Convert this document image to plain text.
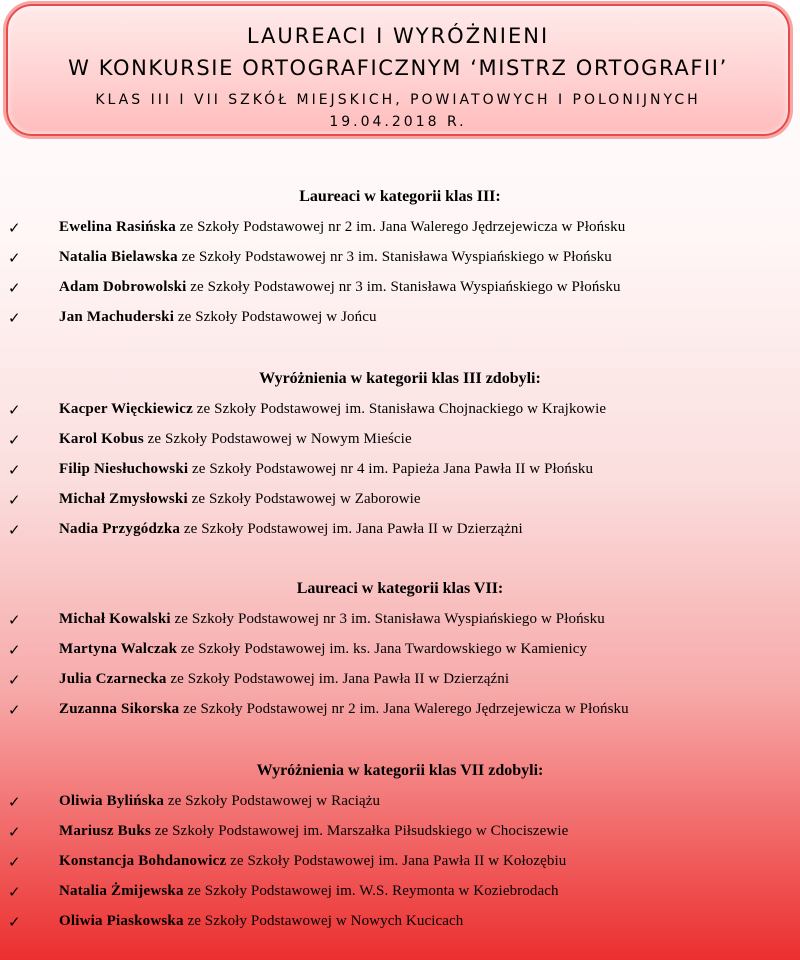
LAUREACI I WYRÓŻNIENI
W KONKURSIE ORTOGRAFICZNYM ‘MISTRZ ORTOGRAFII’
KLAS III I VII SZKÓŁ MIEJSKICH, POWIATOWYCH I POLONIJNYCH
19.04.2018 R.
Laureaci w kategorii klas III:
✓	Ewelina Rasińska ze Szkoły Podstawowej nr 2 im. Jana Walerego Jędrzejewicza w Płońsku
✓	Natalia Bielawska ze Szkoły Podstawowej nr 3 im. Stanisława Wyspiańskiego w Płońsku
✓	Adam Dobrowolski ze Szkoły Podstawowej nr 3 im. Stanisława Wyspiańskiego w Płońsku
✓	Jan Machuderski ze Szkoły Podstawowej w Jońcu
Wyróżnienia w kategorii klas III zdobyli:
✓	Kacper Więckiewicz ze Szkoły Podstawowej im. Stanisława Chojnackiego w Krajkowie
✓	Karol Kobus ze Szkoły Podstawowej w Nowym Mieście
✓	Filip Niesłuchowski ze Szkoły Podstawowej nr 4 im. Papieża Jana Pawła II w Płońsku
✓	Michał Zmysłowski ze Szkoły Podstawowej w Zaborowie
✓	Nadia Przygódzka ze Szkoły Podstawowej im. Jana Pawła II w Dzierzążni
Laureaci w kategorii klas VII:
✓	Michał Kowalski ze Szkoły Podstawowej nr 3 im. Stanisława Wyspiańskiego w Płońsku
✓	Martyna Walczak ze Szkoły Podstawowej im. ks. Jana Twardowskiego w Kamienicy
✓	Julia Czarnecka ze Szkoły Podstawowej im. Jana Pawła II w Dzierząźni
✓	Zuzanna Sikorska ze Szkoły Podstawowej nr 2 im. Jana Walerego Jędrzejewicza w Płońsku
Wyróżnienia w kategorii klas VII zdobyli:
✓	Oliwia Bylińska ze Szkoły Podstawowej w Raciążu
✓	Mariusz Buks ze Szkoły Podstawowej im. Marszałka Piłsudskiego w Chociszewie
✓	Konstancja Bohdanowicz ze Szkoły Podstawowej im. Jana Pawła II w Kołozębiu
✓	Natalia Żmijewska ze Szkoły Podstawowej im. W.S. Reymonta w Koziebrodach
✓	Oliwia Piaskowska ze Szkoły Podstawowej w Nowych Kucicach
